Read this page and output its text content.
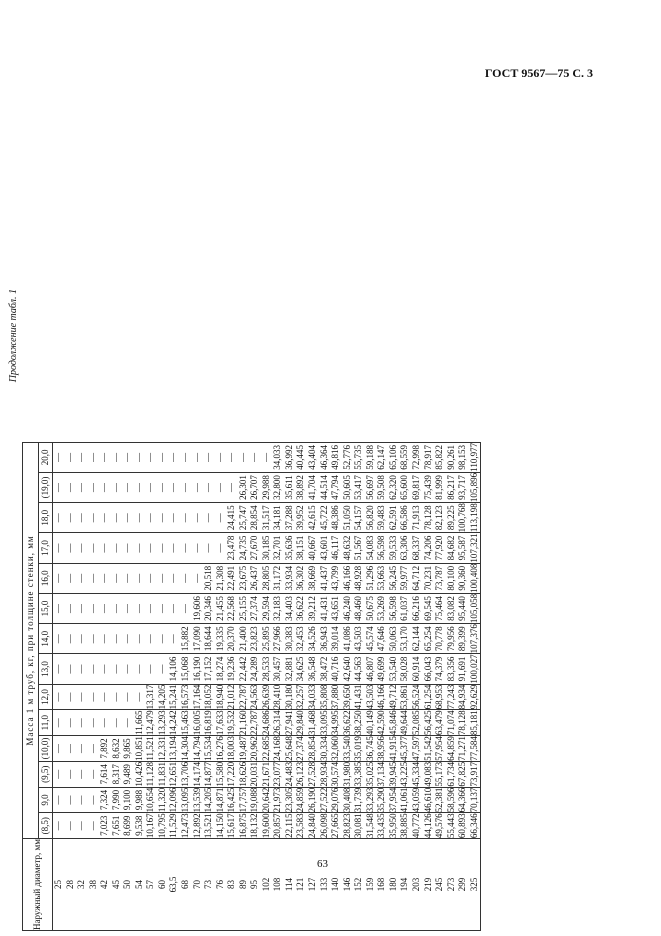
ГОСТ 9567—75 С. 3
Продолжение табл. 1
Наружный диаметр, мм	Масса 1 м труб, кг, при толщине стенки, мм													
	(8,5)	9,0	(9,5)	(10,0)	11,0	12,0	13,0	14,0	15,0	16,0	17,0	18,0	(19,0)	20,0
25	—	—	—	—	—	—	—	—	—	—	—	—	—	—
28	—	—	—	—	—	—	—	—	—	—	—	—	—	—
32	—	—	—	—	—	—	—	—	—	—	—	—	—	—
38	—	—	—	—	—	—	—	—	—	—	—	—	—	—
42	7,023	7,324	7,614	7,892	—	—	—	—	—	—	—	—	—	—
45	7,651	7,990	8,317	8,632	—	—	—	—	—	—	—	—	—	—
50	8,699	9,100	9,489	9,865	—	—	—	—	—	—	—	—	—	—
54	9,538	9,988	10,426	10,851	11,665	—	—	—	—	—	—	—	—	—
57	10,167	10,654	11,128	11,521	12,479	13,317	—	—	—	—	—	—	—	—
60	10,795	11,320	11,831	12,331	13,293	14,205	—	—	—	—	—	—	—	—
63,5	11,529	12,096	12,651	13,194	14,242	15,241	14,106	—	—	—	—	—	—	—
68	12,473	13,095	13,706	14,304	15,463	16,573	15,068	15,882	—	—	—	—	—	—
70	12,892	13,539	14,174	14,794	16,005	17,164	16,190	17,090	19,606	—	—	—	—	—
73	13,521	14,205	14,877	15,534	16,819	18,052	17,152	18,644	20,346	20,518	—	—	—	—
76	14,150	14,871	15,580	16,276	17,633	18,940	18,274	19,335	21,455	21,308	—	—	—	—
83	15,617	16,425	17,220	18,003	19,532	21,012	19,236	20,370	22,568	22,491	23,478	24,415	—	—
89	16,875	17,757	18,626	19,487	21,160	22,787	22,442	21,400	25,155	23,675	24,735	25,747	26,301	—
95	18,132	19,088	20,031	20,962	22,787	24,563	24,289	23,823	27,374	26,437	27,670	28,854	26,707	—
102	19,600	20,642	21,671	22,685	24,686	26,639	28,533	25,895	29,594	28,805	30,185	31,517	29,988	—
108	20,857	21,973	23,077	24,168	26,314	28,410	30,457	27,966	32,183	31,172	32,701	34,181	32,800	34,033
114	22,115	23,305	24,483	25,648	27,941	30,180	32,881	30,383	34,403	33,934	35,636	37,288	35,611	36,992
121	23,583	24,859	26,123	27,374	29,840	32,257	34,625	32,453	36,622	36,302	38,151	39,952	38,892	40,445
127	24,840	26,190	27,528	28,854	31,468	34,033	36,548	34,526	39,212	38,669	40,667	42,615	41,704	43,404
133	26,098	27,522	28,934	30,334	33,095	35,808	38,472	36,943	41,431	41,437	43,601	45,722	44,514	46,364
140	27,665	29,076	30,574	32,060	34,995	37,880	40,716	39,014	43,651	43,799	46,117	48,386	47,794	49,816
146	28,823	30,408	31,980	33,540	36,622	39,650	42,640	41,086	46,240	46,166	48,632	51,050	50,605	52,776
152	30,081	31,739	33,385	35,019	38,250	41,431	44,563	43,503	48,460	48,928	51,567	54,157	53,417	55,735
159	31,548	33,293	35,025	36,745	40,149	43,503	46,807	45,574	50,675	51,296	54,083	56,820	56,697	59,188
168	33,435	35,290	37,134	38,956	42,590	46,166	49,699	47,646	53,269	53,663	56,598	59,483	59,508	62,147
180	35,950	37,954	39,945	41,915	45,846	49,712	53,540	50,063	56,598	56,245	59,533	62,591	62,320	65,106
194	38,885	41,061	43,225	45,377	49,644	53,861	58,028	53,170	61,037	59,977	63,306	66,586	65,600	68,559
203	40,772	43,059	45,334	47,597	52,085	56,524	60,914	62,144	66,216	64,712	68,337	71,913	69,817	72,998
219	44,126	46,610	49,083	51,542	56,425	61,254	66,043	65,254	69,545	70,231	74,206	78,128	75,439	78,917
245	49,576	52,381	55,173	57,954	63,479	68,953	74,379	70,778	75,464	73,787	77,920	82,123	81,999	85,822
273	55,443	58,596	61,734	64,859	71,074	77,243	83,356	79,956	83,082	80,100	84,682	89,225	86,217	90,261
299	60,893	64,366	67,825	71,271	78,128	84,934	91,691	89,399	95,440	90,360	95,587	100,768	93,717	98,153
325	66,346	70,137	73,917	77,584	85,181	92,629	100,027	107,376	105,058	100,408	107,321	113,198	105,896	110,977
63
